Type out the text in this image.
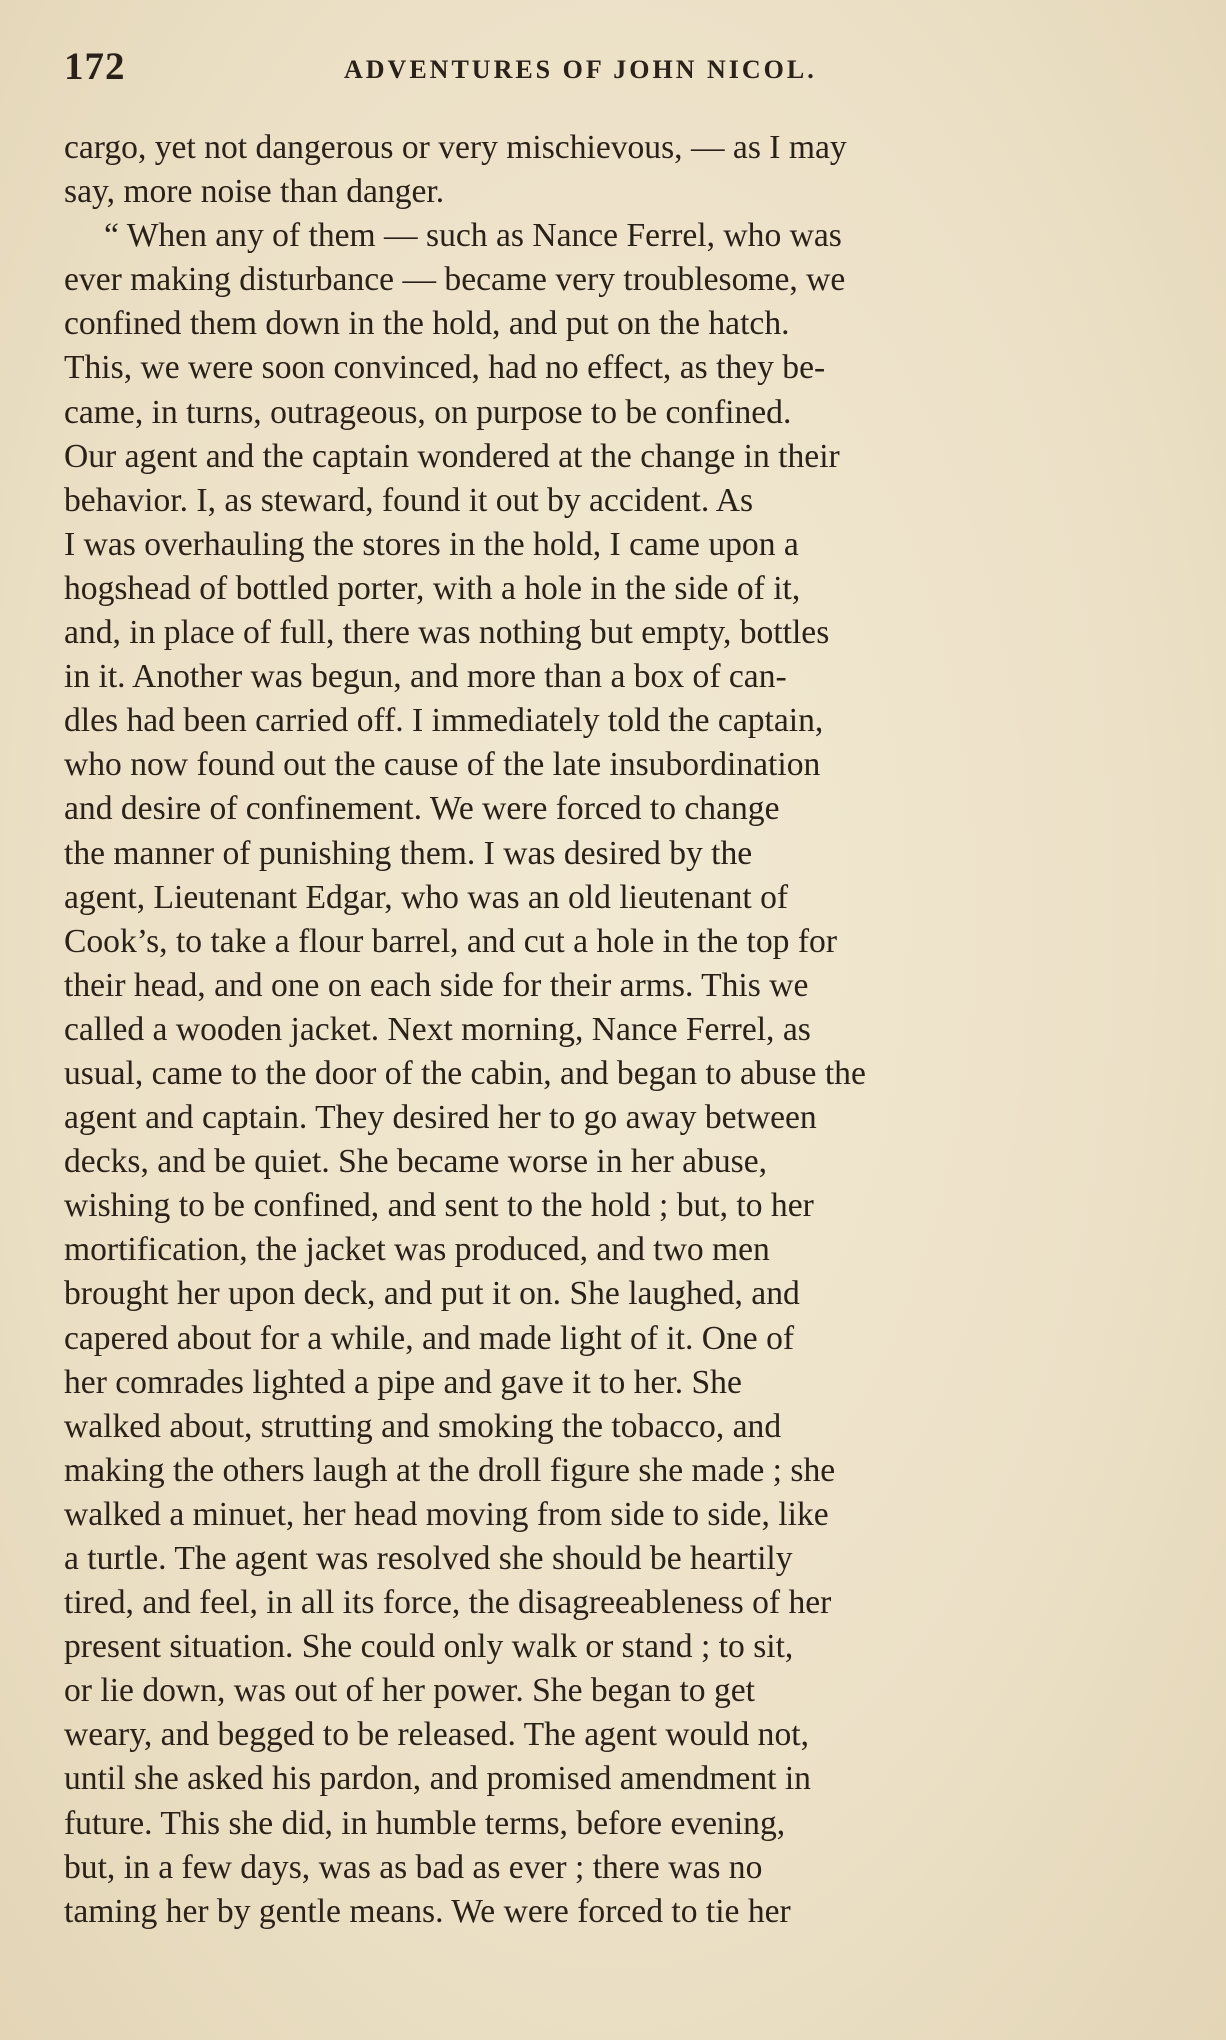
172	ADVENTURES OF JOHN NICOL.
cargo, yet not dangerous or very mischievous, — as I may
say, more noise than danger.
“ When any of them — such as Nance Ferrel, who was
ever making disturbance — became very troublesome, we
confined them down in the hold, and put on the hatch.
This, we were soon convinced, had no effect, as they be-
came, in turns, outrageous, on purpose to be confined.
Our agent and the captain wondered at the change in their
behavior. I, as steward, found it out by accident. As
I was overhauling the stores in the hold, I came upon a
hogshead of bottled porter, with a hole in the side of it,
and, in place of full, there was nothing but empty, bottles
in it. Another was begun, and more than a box of can-
dles had been carried off. I immediately told the captain,
who now found out the cause of the late insubordination
and desire of confinement. We were forced to change
the manner of punishing them. I was desired by the
agent, Lieutenant Edgar, who was an old lieutenant of
Cook’s, to take a flour barrel, and cut a hole in the top for
their head, and one on each side for their arms. This we
called a wooden jacket. Next morning, Nance Ferrel, as
usual, came to the door of the cabin, and began to abuse the
agent and captain. They desired her to go away between
decks, and be quiet. She became worse in her abuse,
wishing to be confined, and sent to the hold ; but, to her
mortification, the jacket was produced, and two men
brought her upon deck, and put it on. She laughed, and
capered about for a while, and made light of it. One of
her comrades lighted a pipe and gave it to her. She
walked about, strutting and smoking the tobacco, and
making the others laugh at the droll figure she made ; she
walked a minuet, her head moving from side to side, like
a turtle. The agent was resolved she should be heartily
tired, and feel, in all its force, the disagreeableness of her
present situation. She could only walk or stand ; to sit,
or lie down, was out of her power. She began to get
weary, and begged to be released. The agent would not,
until she asked his pardon, and promised amendment in
future. This she did, in humble terms, before evening,
but, in a few days, was as bad as ever ; there was no
taming her by gentle means. We were forced to tie her
